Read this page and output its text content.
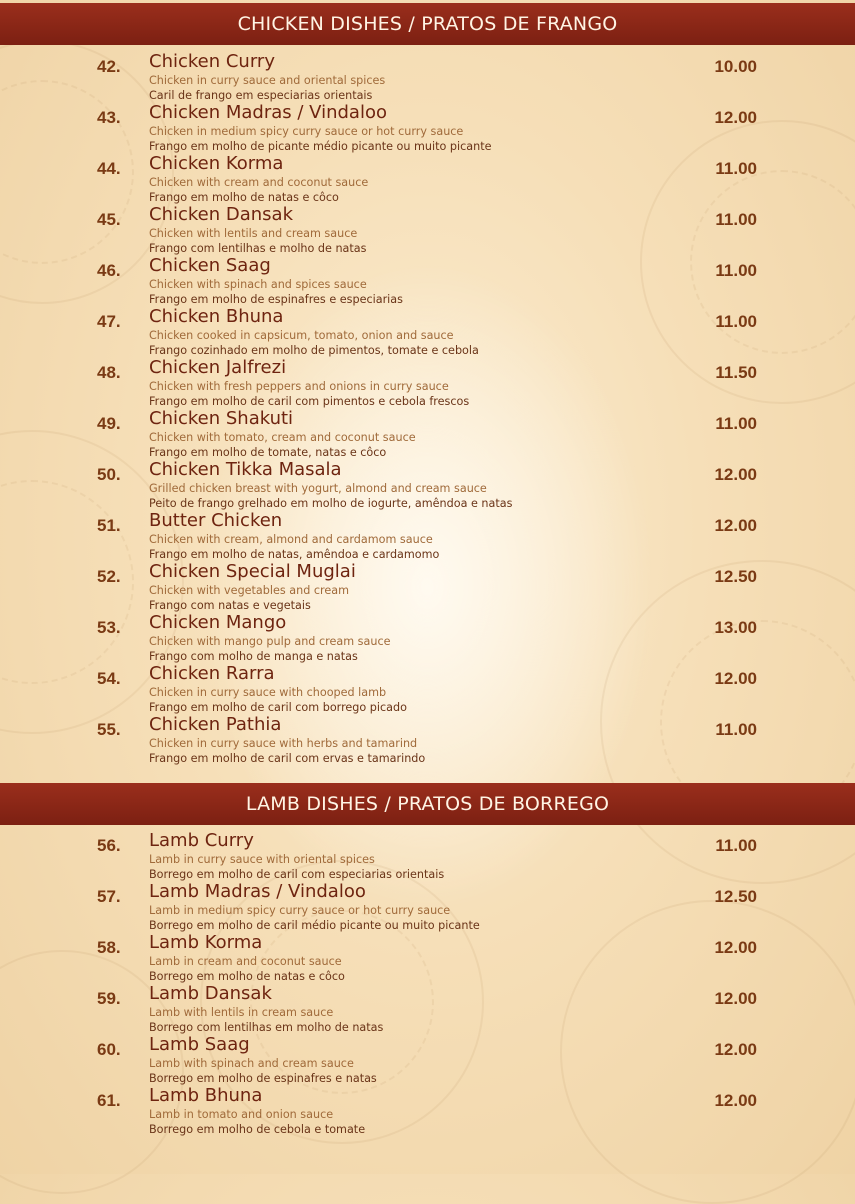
CHICKEN DISHES / PRATOS DE FRANGO
42. Chicken Curry
Chicken in curry sauce and oriental spices
Caril de frango em especiarias orientais
10.00
43. Chicken Madras / Vindaloo
Chicken in medium spicy curry sauce or hot curry sauce
Frango em molho de picante médio picante ou muito picante
12.00
44. Chicken Korma
Chicken with cream and coconut sauce
Frango em molho de natas e côco
11.00
45. Chicken Dansak
Chicken with lentils and cream sauce
Frango com lentilhas e molho de natas
11.00
46. Chicken Saag
Chicken with spinach and spices sauce
Frango em molho de espinafres e especiarias
11.00
47. Chicken Bhuna
Chicken cooked in capsicum, tomato, onion and sauce
Frango cozinhado em molho de pimentos, tomate e cebola
11.00
48. Chicken Jalfrezi
Chicken with fresh peppers and onions in curry sauce
Frango em molho de caril com pimentos e cebola frescos
11.50
49. Chicken Shakuti
Chicken with tomato, cream and coconut sauce
Frango em molho de tomate, natas e côco
11.00
50. Chicken Tikka Masala
Grilled chicken breast with yogurt, almond and cream sauce
Peito de frango grelhado em molho de iogurte, amêndoa e natas
12.00
51. Butter Chicken
Chicken with cream, almond and cardamom sauce
Frango em molho de natas, amêndoa e cardamomo
12.00
52. Chicken Special Muglai
Chicken with vegetables and cream
Frango com natas e vegetais
12.50
53. Chicken Mango
Chicken with mango pulp and cream sauce
Frango com molho de manga e natas
13.00
54. Chicken Rarra
Chicken in curry sauce with chooped lamb
Frango em molho de caril com borrego picado
12.00
55. Chicken Pathia
Chicken in curry sauce with herbs and tamarind
Frango em molho de caril com ervas e tamarindo
11.00
LAMB DISHES / PRATOS DE BORREGO
56. Lamb Curry
Lamb in curry sauce with oriental spices
Borrego em molho de caril com especiarias orientais
11.00
57. Lamb Madras / Vindaloo
Lamb in medium spicy curry sauce or hot curry sauce
Borrego em molho de caril médio picante ou muito picante
12.50
58. Lamb Korma
Lamb in cream and coconut sauce
Borrego em molho de natas e côco
12.00
59. Lamb Dansak
Lamb with lentils in cream sauce
Borrego com lentilhas em molho de natas
12.00
60. Lamb Saag
Lamb with spinach and cream sauce
Borrego em molho de espinafres e natas
12.00
61. Lamb Bhuna
Lamb in tomato and onion sauce
Borrego em molho de cebola e tomate
12.00
